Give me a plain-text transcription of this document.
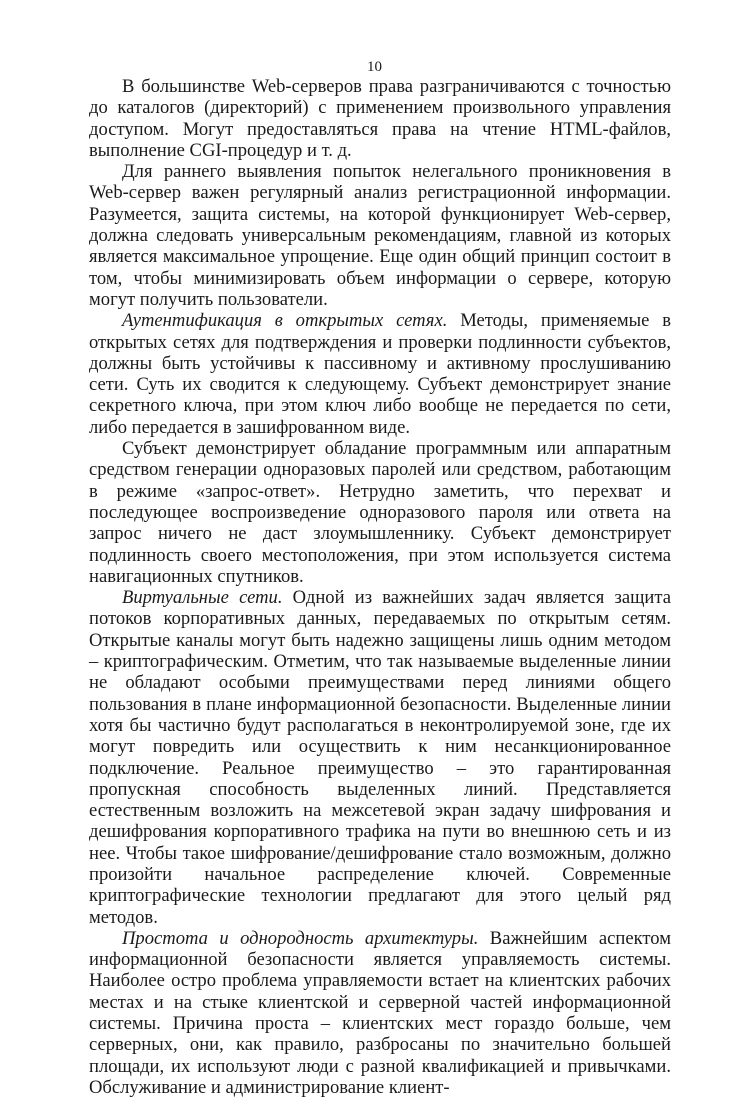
10

В большинстве Web-серверов права разграничиваются с точностью до каталогов (директорий) с применением произвольного управления доступом. Могут предоставляться права на чтение HTML-файлов, выполнение CGI-процедур и т. д.

Для раннего выявления попыток нелегального проникновения в Web-сервер важен регулярный анализ регистрационной информации. Разумеется, защита системы, на которой функционирует Web-сервер, должна следовать универсальным рекомендациям, главной из которых является максимальное упрощение. Еще один общий принцип состоит в том, чтобы минимизировать объем информации о сервере, которую могут получить пользователи.

Аутентификация в открытых сетях. Методы, применяемые в открытых сетях для подтверждения и проверки подлинности субъектов, должны быть устойчивы к пассивному и активному прослушиванию сети. Суть их сводится к следующему. Субъект демонстрирует знание секретного ключа, при этом ключ либо вообще не передается по сети, либо передается в зашифрованном виде.

Субъект демонстрирует обладание программным или аппаратным средством генерации одноразовых паролей или средством, работающим в режиме «запрос-ответ». Нетрудно заметить, что перехват и последующее воспроизведение одноразового пароля или ответа на запрос ничего не даст злоумышленнику. Субъект демонстрирует подлинность своего местоположения, при этом используется система навигационных спутников.

Виртуальные сети. Одной из важнейших задач является защита потоков корпоративных данных, передаваемых по открытым сетям. Открытые каналы могут быть надежно защищены лишь одним методом – криптографическим. Отметим, что так называемые выделенные линии не обладают особыми преимуществами перед линиями общего пользования в плане информационной безопасности. Выделенные линии хотя бы частично будут располагаться в неконтролируемой зоне, где их могут повредить или осуществить к ним несанкционированное подключение. Реальное преимущество – это гарантированная пропускная способность выделенных линий. Представляется естественным возложить на межсетевой экран задачу шифрования и дешифрования корпоративного трафика на пути во внешнюю сеть и из нее. Чтобы такое шифрование/дешифрование стало возможным, должно произойти начальное распределение ключей. Современные криптографические технологии предлагают для этого целый ряд методов.

Простота и однородность архитектуры. Важнейшим аспектом информационной безопасности является управляемость системы. Наиболее остро проблема управляемости встает на клиентских рабочих местах и на стыке клиентской и серверной частей информационной системы. Причина проста – клиентских мест гораздо больше, чем серверных, они, как правило, разбросаны по значительно большей площади, их используют люди с разной квалификацией и привычками. Обслуживание и администрирование клиент-
